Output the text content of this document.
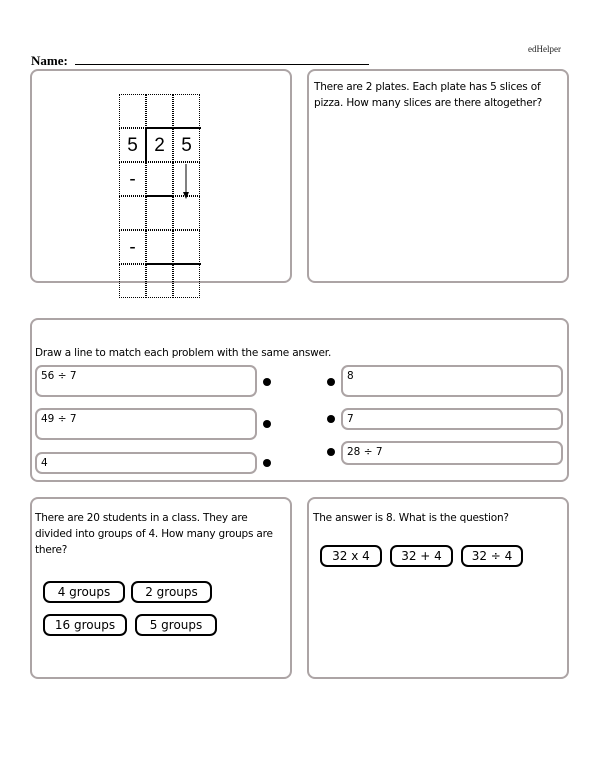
edHelper
Name:
5 2 5
-
-
There are 2 plates. Each plate has 5 slices of pizza. How many slices are there altogether?
Draw a line to match each problem with the same answer.
56 ÷ 7
49 ÷ 7
4
8
7
28 ÷ 7
There are 20 students in a class. They are divided into groups of 4. How many groups are there?
4 groups	2 groups
16 groups	5 groups
The answer is 8. What is the question?
32 x 4	32 + 4	32 ÷ 4
